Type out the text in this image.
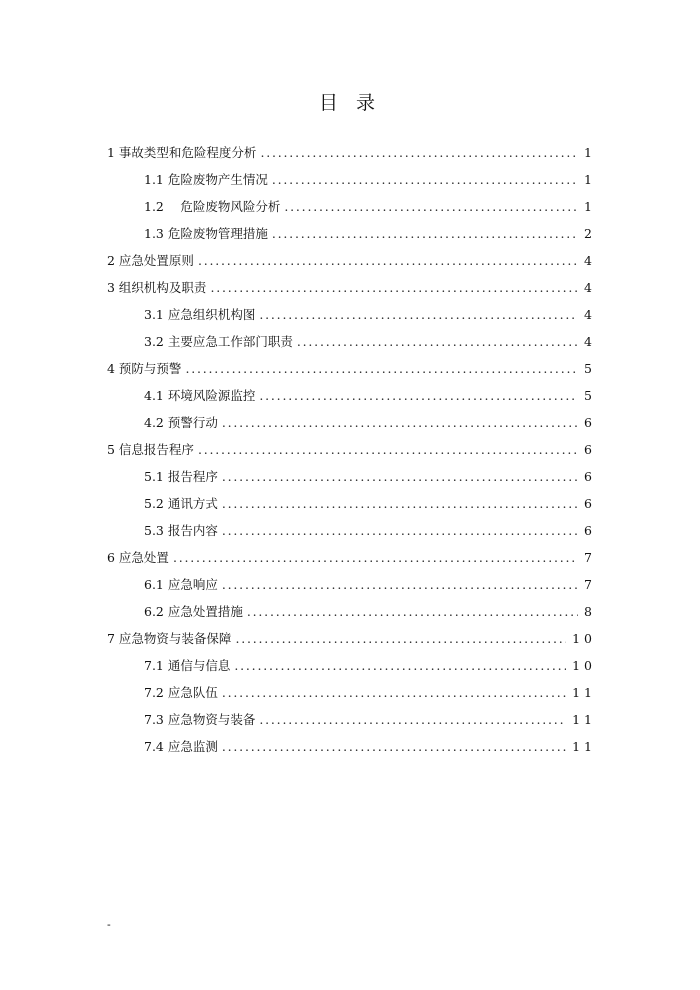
目 录
1 事故类型和危险程度分析 .....	1
1.1 危险废物产生情况 .....	1
1.2　 危险废物风险分析 .....	1
1.3 危险废物管理措施 .....	2
2 应急处置原则 .....	4
3 组织机构及职责 .....	4
3.1 应急组织机构图 .....	4
3.2 主要应急工作部门职责 .....	4
4 预防与预警 .....	5
4.1 环境风险源监控 .....	5
4.2 预警行动 .....	6
5 信息报告程序 .....	6
5.1 报告程序 .....	6
5.2 通讯方式 .....	6
5.3 报告内容 .....	6
6 应急处置 .....	7
6.1 应急响应 .....	7
6.2 应急处置措施 .....	8
7 应急物资与装备保障 .....	10
7.1 通信与信息 .....	10
7.2 应急队伍 .....	11
7.3 应急物资与装备 .....	11
7.4 应急监测 .....	11
-
